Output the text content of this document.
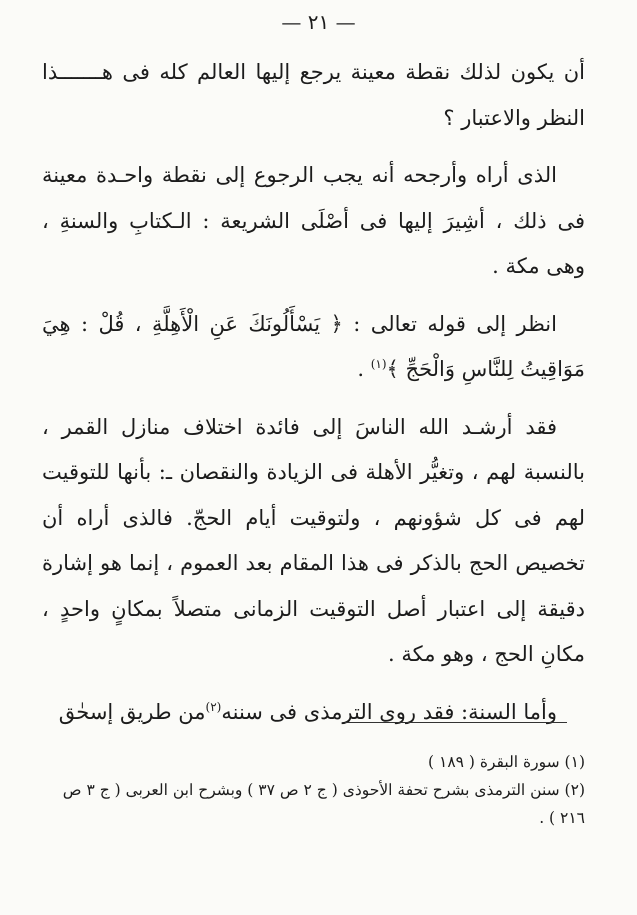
— ٢١ —

أن يكون لذلك نقطة معينة يرجع إليها العالم كله فى هـــــــذا النظر والاعتبار ؟

الذى أراه وأرجحه أنه يجب الرجوع إلى نقطة واحـدة معينة فى ذلك ، أشِيرَ إليها فى أصْلَى الشريعة : الـكتابِ والسنةِ ، وهى مكة .

انظر إلى قوله تعالى : ﴿ يَسْأَلُونَكَ عَنِ الْأَهِلَّةِ ، قُلْ : هِيَ مَوَاقِيتُ لِلنَّاسِ وَالْحَجِّ ﴾$^{(١)}$ .

فقد أرشـد الله الناسَ إلى فائدة اختلاف منازل القمر ، بالنسبة لهم ، وتغيُّر الأهلة فى الزيادة والنقصان ـ: بأنها للتوقيت لهم فى كل شؤونهم ، ولتوقيت أيام الحجّ. فالذى أراه أن تخصيص الحج بالذكر فى هذا المقام بعد العموم ، إنما هو إشارة دقيقة إلى اعتبار أصل التوقيت الزمانى متصلاً بمكانٍ واحدٍ ، مكانِ الحج ، وهو مكة .

وأما السنة: فقد روى الترمذى فى سننه$^{(٢)}$من طريق إسحٰق

(١) سورة البقرة ( ١٨٩ )

(٢) سنن الترمذى بشرح تحفة الأحوذى ( ج ٢ ص ٣٧ ) وبشرح ابن العربى ( ج ٣ ص ٢١٦ ) .
